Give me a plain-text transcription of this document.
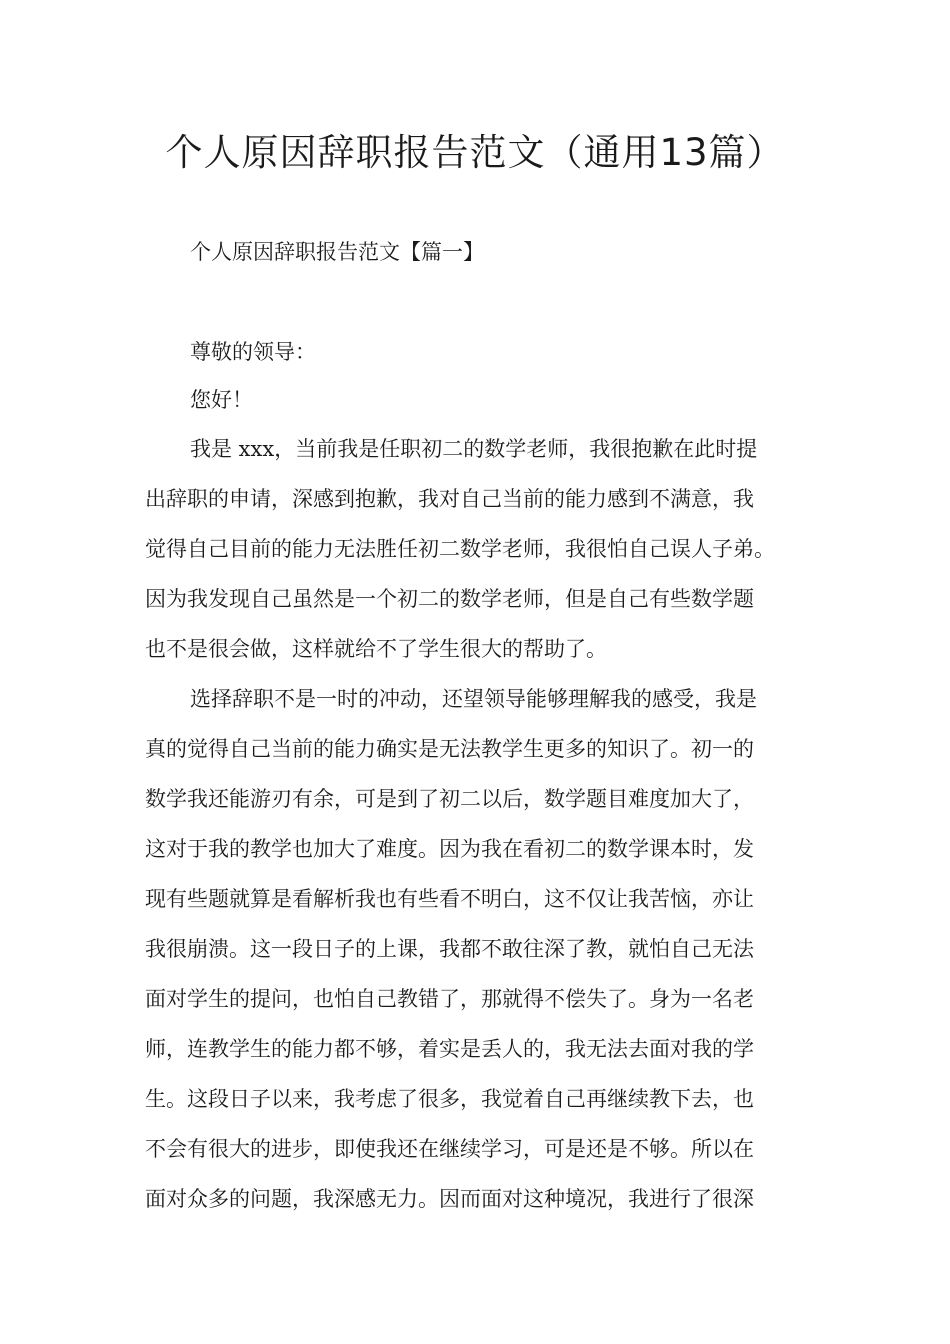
个人原因辞职报告范文（通用13篇）
个人原因辞职报告范文【篇一】
尊敬的领导：
您好！
我是 xxx，当前我是任职初二的数学老师，我很抱歉在此时提
出辞职的申请，深感到抱歉，我对自己当前的能力感到不满意，我
觉得自己目前的能力无法胜任初二数学老师，我很怕自己误人子弟。
因为我发现自己虽然是一个初二的数学老师，但是自己有些数学题
也不是很会做，这样就给不了学生很大的帮助了。
选择辞职不是一时的冲动，还望领导能够理解我的感受，我是
真的觉得自己当前的能力确实是无法教学生更多的知识了。初一的
数学我还能游刃有余，可是到了初二以后，数学题目难度加大了，
这对于我的教学也加大了难度。因为我在看初二的数学课本时，发
现有些题就算是看解析我也有些看不明白，这不仅让我苦恼，亦让
我很崩溃。这一段日子的上课，我都不敢往深了教，就怕自己无法
面对学生的提问，也怕自己教错了，那就得不偿失了。身为一名老
师，连教学生的能力都不够，着实是丢人的，我无法去面对我的学
生。这段日子以来，我考虑了很多，我觉着自己再继续教下去，也
不会有很大的进步，即使我还在继续学习，可是还是不够。所以在
面对众多的问题，我深感无力。因而面对这种境况，我进行了很深
